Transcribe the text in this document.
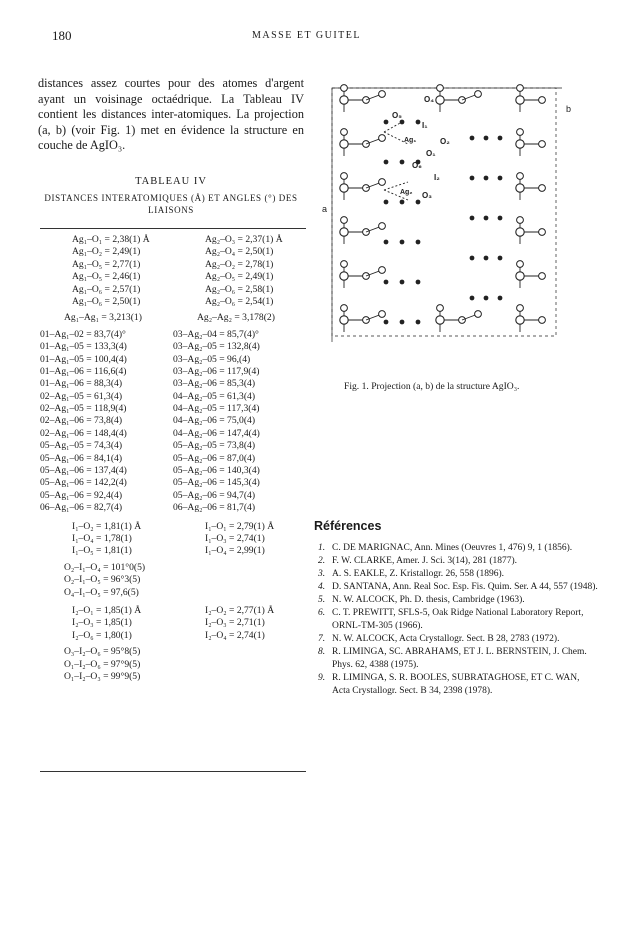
180	MASSE ET GUITEL
distances assez courtes pour des atomes d'argent ayant un voisinage octaédrique. La Tableau IV contient les distances inter-atomiques. La projection (a, b) (voir Fig. 1) met en évidence la structure en couche de AgIO₃.
TABLEAU IV
DISTANCES INTERATOMIQUES (Å) ET ANGLES (°) DES LIAISONS
Ag₁–O₁ = 2,38(1) Å	Ag₂–O₃ = 2,37(1) Å
Ag₁–O₂ = 2,49(1)	Ag₂–O₄ = 2,50(1)
Ag₁–O₅ = 2,77(1)	Ag₂–O₂ = 2,78(1)
Ag₁–O₅ = 2,46(1)	Ag₂–O₅ = 2,49(1)
Ag₁–O₆ = 2,57(1)	Ag₂–O₆ = 2,58(1)
Ag₁–O₆ = 2,50(1)	Ag₂–O₆ = 2,54(1)
Ag₁–Ag₁ = 3,213(1)	Ag₂–Ag₂ = 3,178(2)
01–Ag₁–02 = 83,7(4)°	03–Ag₂–04 = 85,7(4)°
01–Ag₁–05 = 133,3(4)	03–Ag₂–05 = 132,8(4)
01–Ag₁–05 = 100,4(4)	03–Ag₂–05 = 96,(4)
01–Ag₁–06 = 116,6(4)	03–Ag₂–06 = 117,9(4)
01–Ag₁–06 = 88,3(4)	03–Ag₂–06 = 85,3(4)
02–Ag₁–05 = 61,3(4)	04–Ag₂–05 = 61,3(4)
02–Ag₁–05 = 118,9(4)	04–Ag₂–05 = 117,3(4)
02–Ag₁–06 = 73,8(4)	04–Ag₂–06 = 75,0(4)
02–Ag₁–06 = 148,4(4)	04–Ag₂–06 = 147,4(4)
05–Ag₁–05 = 74,3(4)	05–Ag₂–05 = 73,8(4)
05–Ag₁–06 = 84,1(4)	05–Ag₂–06 = 87,0(4)
05–Ag₁–06 = 137,4(4)	05–Ag₂–06 = 140,3(4)
05–Ag₁–06 = 142,2(4)	05–Ag₂–06 = 145,3(4)
05–Ag₁–06 = 92,4(4)	05–Ag₂–06 = 94,7(4)
06–Ag₁–06 = 82,7(4)	06–Ag₂–06 = 81,7(4)
I₁–O₂ = 1,81(1) Å	I₁–O₁ = 2,79(1) Å
I₁–O₄ = 1,78(1)	I₁–O₃ = 2,74(1)
I₁–O₅ = 1,81(1)	I₁–O₄ = 2,99(1)
O₂–I₁–O₄ = 101°0(5)
O₂–I₁–O₅ = 96°3(5)
O₄–I₁–O₅ = 97,6(5)
I₂–O₁ = 1,85(1) Å	I₂–O₂ = 2,77(1) Å
I₂–O₃ = 1,85(1)	I₂–O₃ = 2,71(1)
I₂–O₆ = 1,80(1)	I₂–O₄ = 2,74(1)
O₃–I₂–O₆ = 95°8(5)
O₁–I₂–O₆ = 97°9(5)
O₁–I₂–O₃ = 99°9(5)
b
a
O₄
O₅
I₁
Ag₁	O₂
O₁
O₆
I₂
Ag₂ O₃
Fig. 1. Projection (a, b) de la structure AgIO₃.
Références
1. C. DE MARIGNAC, Ann. Mines (Oeuvres 1, 476) 9, 1 (1856).
2. F. W. CLARKE, Amer. J. Sci. 3(14), 281 (1877).
3. A. S. EAKLE, Z. Kristallogr. 26, 558 (1896).
4. D. SANTANA, Ann. Real Soc. Esp. Fis. Quim. Ser. A 44, 557 (1948).
5. N. W. ALCOCK, Ph. D. thesis, Cambridge (1963).
6. C. T. PREWITT, SFLS-5, Oak Ridge National Laboratory Report, ORNL-TM-305 (1966).
7. N. W. ALCOCK, Acta Crystallogr. Sect. B 28, 2783 (1972).
8. R. LIMINGA, SC. ABRAHAMS, ET J. L. BERNSTEIN, J. Chem. Phys. 62, 4388 (1975).
9. R. LIMINGA, S. R. BOOLES, SUBRATAGHOSE, ET C. WAN, Acta Crystallogr. Sect. B 34, 2398 (1978).
